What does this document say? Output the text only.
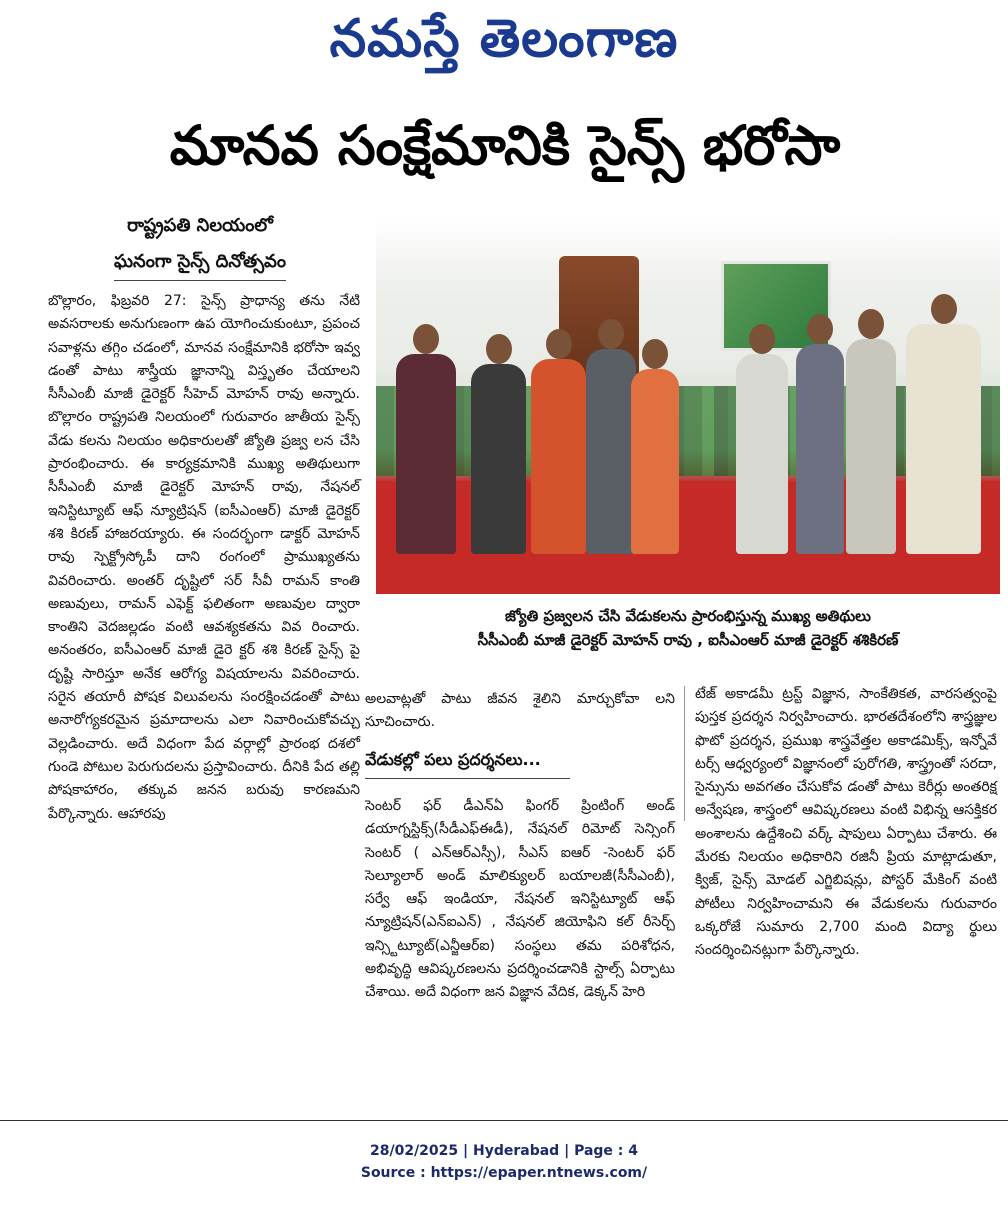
నమస్తే తెలంగాణ
మానవ సంక్షేమానికి సైన్స్ భరోసా
రాష్ట్రపతి నిలయంలో
ఘనంగా సైన్స్ దినోత్సవం
బొల్లారం, ఫిబ్రవరి 27: సైన్స్ ప్రాధాన్య తను నేటి అవసరాలకు అనుగుణంగా ఉప యోగించుకుంటూ, ప్రపంచ సవాళ్లను తగ్గిం చడంలో, మానవ సంక్షేమానికి భరోసా ఇవ్వ డంతో పాటు శాస్త్రీయ జ్ఞానాన్ని విస్తృతం చేయాలని సీసీఎంబీ మాజీ డైరెక్టర్ సీహెచ్ మోహన్ రావు అన్నారు. బొల్లారం రాష్ట్రపతి నిలయంలో గురువారం జాతీయ సైన్స్ వేడు కలను నిలయం అధికారులతో జ్యోతి ప్రజ్వ లన చేసి ప్రారంభించారు. ఈ కార్యక్రమానికి ముఖ్య అతిథులుగా సీసీఎంబీ మాజీ డైరెక్టర్ మోహన్ రావు, నేషనల్ ఇనిస్టిట్యూట్ ఆఫ్ న్యూట్రిషన్ (ఐసీఎంఆర్) మాజీ డైరెక్టర్ శశి కిరణ్ హాజరయ్యారు. ఈ సందర్భంగా డాక్టర్ మోహన్ రావు స్పెక్ట్రోస్కోపీ దాని రంగంలో ప్రాముఖ్యతను వివరించారు. అంతర్ దృష్టిలో సర్ సీవీ రామన్ కాంతి అణువులు, రామన్ ఎఫెక్ట్ ఫలితంగా అణువుల ద్వారా కాంతిని వెదజల్లడం వంటి ఆవశ్యకతను వివ రించారు. అనంతరం, ఐసీఎంఆర్ మాజీ డైరె క్టర్ శశి కిరణ్ సైన్స్ పై దృష్టి సారిస్తూ అనేక ఆరోగ్య విషయాలను వివరించారు. సరైన తయారీ పోషక విలువలను సంరక్షించడంతో పాటు అనారోగ్యకరమైన ప్రమాదాలను ఎలా నివారించుకోవచ్చు వెల్లడించారు. అదే విధంగా పేద వర్గాల్లో ప్రారంభ దశలో గుండె పోటుల పెరుగుదలను ప్రస్తావించారు. దీనికి పేద తల్లి పోషకాహారం, తక్కువ జనన బరువు కారణమని పేర్కొన్నారు. ఆహారపు
జ్యోతి ప్రజ్వలన చేసి వేడుకలను ప్రారంభిస్తున్న ముఖ్య అతిథులు
సీసీఎంబీ మాజీ డైరెక్టర్ మోహన్ రావు , ఐసీఎంఆర్ మాజీ డైరెక్టర్ శశికిరణ్
అలవాట్లతో పాటు జీవన శైలిని మార్చుకోవా లని సూచించారు.
వేడుకల్లో పలు ప్రదర్శనలు...
సెంటర్ ఫర్ డీఎన్ఏ ఫింగర్ ప్రింటింగ్ అండ్ డయాగ్నస్టిక్స్(సీడీఎఫ్ఈడీ), నేషనల్ రిమోట్ సెన్సింగ్ సెంటర్ ( ఎన్ఆర్ఎస్సీ), సీఎస్ ఐఆర్ -సెంటర్ ఫర్ సెల్యూలార్ అండ్ మాలిక్యులర్ బయాలజీ(సీసీఎంబీ), సర్వే ఆఫ్ ఇండియా, నేషనల్ ఇనిస్టిట్యూట్ ఆఫ్ న్యూట్రిషన్(ఎన్ఐఎన్) , నేషనల్ జియోఫిని కల్ రీసెర్చ్ ఇన్స్టిట్యూట్(ఎన్జీఆర్ఐ) సంస్థలు తమ పరిశోధన, అభివృద్ధి ఆవిష్కరణలను ప్రదర్శించడానికి స్టాల్స్ ఏర్పాటు చేశాయి. అదే విధంగా జన విజ్ఞాన వేదిక, డెక్కన్ హెరి
టేజ్ అకాడమీ ట్రస్ట్ విజ్ఞాన, సాంకేతికత, వారసత్వంపై పుస్తక ప్రదర్శన నిర్వహించారు. భారతదేశంలోని శాస్త్రజ్ఞుల ఫొటో ప్రదర్శన, ప్రముఖ శాస్త్రవేత్తల అకాడమిక్స్, ఇన్నోవే టర్స్ ఆధ్వర్యంలో విజ్ఞానంలో పురోగతి, శాస్త్ర్రంతో సరదా, సైన్సును అవగతం చేసుకోవ డంతో పాటు కెరీర్లు అంతరిక్ష అన్వేషణ, శాస్త్రంలో ఆవిష్కరణలు వంటి విభిన్న ఆసక్తికర అంశాలను ఉద్దేశించి వర్క్ షాపులు ఏర్పాటు చేశారు. ఈ మేరకు నిలయం అధికారిని రజినీ ప్రియ మాట్లాడుతూ, క్విజ్, సైన్స్ మోడల్ ఎగ్జిబిషన్లు, పోస్టర్ మేకింగ్ వంటి పోటీలు నిర్వహించామని ఈ వేడుకలను గురువారం ఒక్కరోజే సుమారు 2,700 మంది విద్యా ర్థులు సందర్శించినట్లుగా పేర్కొన్నారు.
28/02/2025 | Hyderabad | Page : 4
Source : https://epaper.ntnews.com/
